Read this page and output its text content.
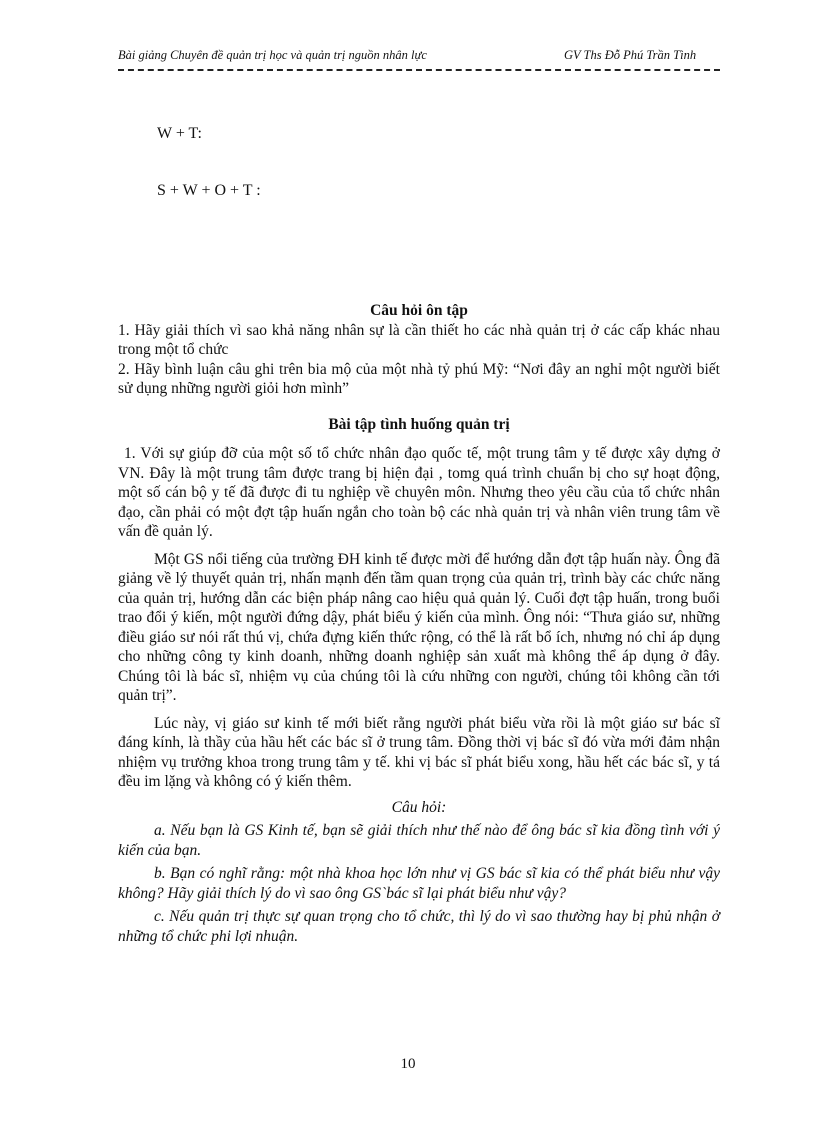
Bài giảng Chuyên đề quản trị học và quản trị nguồn nhân lực	GV Ths Đỗ Phú Trần Tình
W + T:
S + W + O + T :

Câu hỏi ôn tập

1. Hãy giải thích vì sao khả năng nhân sự là cần thiết ho các nhà quản trị ở các cấp khác nhau trong một tổ chức

2. Hãy bình luận câu ghi trên bia mộ của một nhà tỷ phú Mỹ: “Nơi đây an nghỉ một người biết sử dụng những người giỏi hơn mình”

Bài tập tình huống quản trị

1. Với sự giúp đỡ của một số tổ chức nhân đạo quốc tế, một trung tâm y tế được xây dựng ở VN. Đây là một trung tâm được trang bị hiện đại , tomg quá trình chuẩn bị cho sự hoạt động, một số cán bộ y tế đã được đi tu nghiệp về chuyên môn. Nhưng theo yêu cầu của tổ chức nhân đạo, cần phải có một đợt tập huấn ngắn cho toàn bộ các nhà quản trị và nhân viên trung tâm về vấn đề quản lý.

Một GS nổi tiếng của trường ĐH kinh tế được mời để hướng dẫn đợt tập huấn này. Ông đã giảng về lý thuyết quản trị, nhấn mạnh đến tầm quan trọng của quản trị, trình bày các chức năng của quản trị, hướng dẫn các biện pháp nâng cao hiệu quả quản lý. Cuối đợt tập huấn, trong buổi trao đổi ý kiến, một người đứng dậy, phát biểu ý kiến của mình. Ông nói: “Thưa giáo sư, những điều giáo sư nói rất thú vị, chứa đựng kiến thức rộng, có thể là rất bổ ích, nhưng nó chỉ áp dụng cho những công ty kinh doanh, những doanh nghiệp sản xuất mà không thể áp dụng ở đây. Chúng tôi là bác sĩ, nhiệm vụ của chúng tôi là cứu những con người, chúng tôi không cần tới quản trị”.

Lúc này, vị giáo sư kinh tế mới biết rằng người phát biểu vừa rồi là một giáo sư bác sĩ đáng kính, là thầy của hầu hết các bác sĩ ở trung tâm. Đồng thời vị bác sĩ đó vừa mới đảm nhận nhiệm vụ trưởng khoa trong trung tâm y tế. khi vị bác sĩ phát biểu xong, hầu hết các bác sĩ, y tá đều im lặng và không có ý kiến thêm.

Câu hỏi:

a. Nếu bạn là GS Kinh tế, bạn sẽ giải thích như thế nào để ông bác sĩ kia đồng tình với ý kiến của bạn.

b. Bạn có nghĩ rằng: một nhà khoa học lớn như vị GS bác sĩ kia có thể phát biểu như vậy không? Hãy giải thích lý do vì sao ông GS`bác sĩ lại phát biểu như vậy?

c. Nếu quản trị thực sự quan trọng cho tổ chức, thì lý do vì sao thường hay bị phủ nhận ở những tổ chức phi lợi nhuận.

10
